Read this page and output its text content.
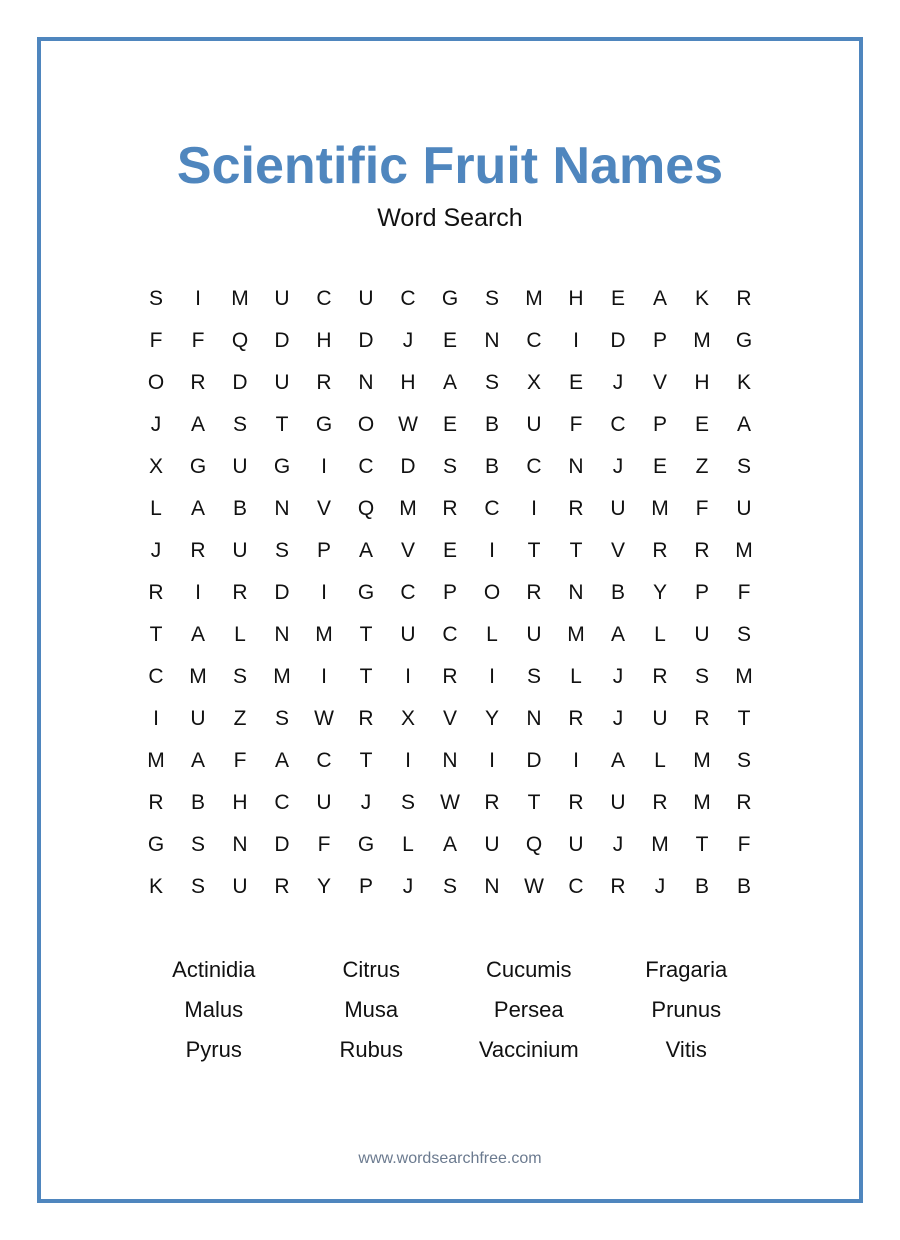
Scientific Fruit Names
Word Search
S	I	M	U	C	U	C	G	S	M	H	E	A	K	R
F	F	Q	D	H	D	J	E	N	C	I	D	P	M	G
O	R	D	U	R	N	H	A	S	X	E	J	V	H	K
J	A	S	T	G	O	W	E	B	U	F	C	P	E	A
X	G	U	G	I	C	D	S	B	C	N	J	E	Z	S
L	A	B	N	V	Q	M	R	C	I	R	U	M	F	U
J	R	U	S	P	A	V	E	I	T	T	V	R	R	M
R	I	R	D	I	G	C	P	O	R	N	B	Y	P	F
T	A	L	N	M	T	U	C	L	U	M	A	L	U	S
C	M	S	M	I	T	I	R	I	S	L	J	R	S	M
I	U	Z	S	W	R	X	V	Y	N	R	J	U	R	T
M	A	F	A	C	T	I	N	I	D	I	A	L	M	S
R	B	H	C	U	J	S	W	R	T	R	U	R	M	R
G	S	N	D	F	G	L	A	U	Q	U	J	M	T	F
K	S	U	R	Y	P	J	S	N	W	C	R	J	B	B
Actinidia	Citrus	Cucumis	Fragaria
Malus	Musa	Persea	Prunus
Pyrus	Rubus	Vaccinium	Vitis
www.wordsearchfree.com
